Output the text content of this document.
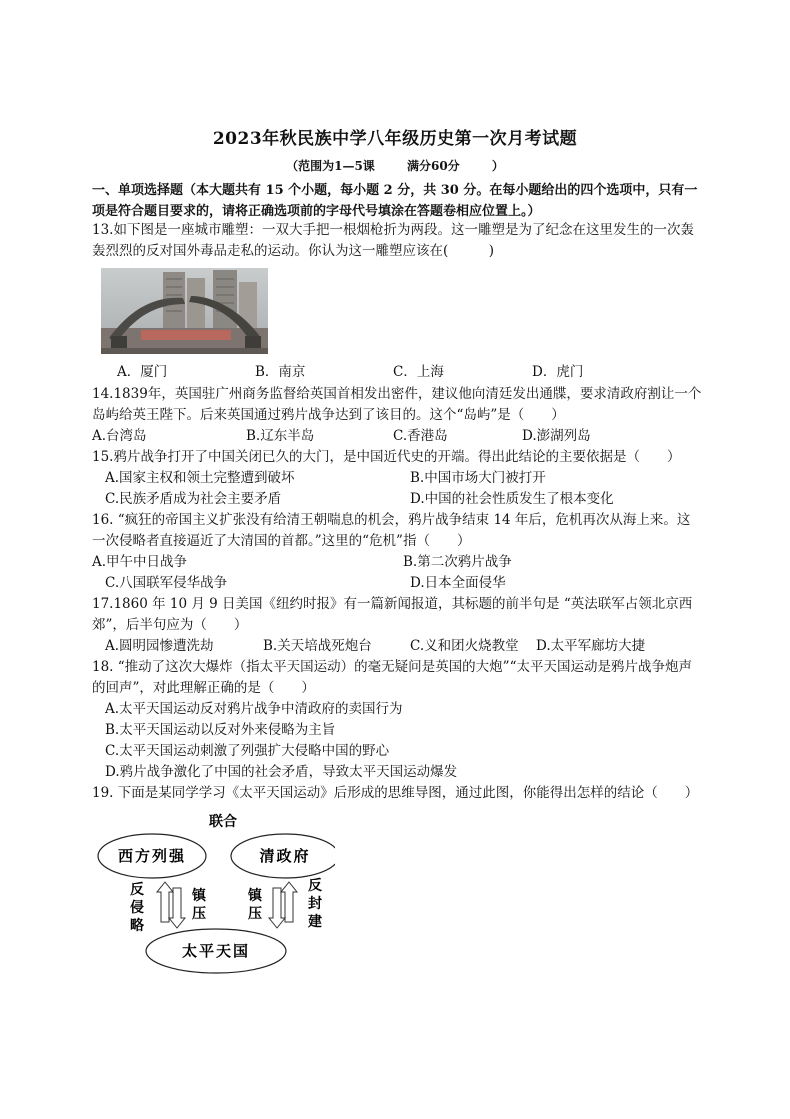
2023年秋民族中学八年级历史第一次月考试题
（范围为1—5课	满分60分	）
一、单项选择题（本大题共有 15 个小题，每小题 2 分，共 30 分。在每小题给出的四个选项中，只有一项是符合题目要求的，请将正确选项前的字母代号填涂在答题卷相应位置上。）
13.如下图是一座城市雕塑：一双大手把一根烟枪折为两段。这一雕塑是为了纪念在这里发生的一次轰轰烈烈的反对国外毒品走私的运动。你认为这一雕塑应该在(　　　)
A．厦门	B．南京	C．上海	D．虎门
14.1839年，英国驻广州商务监督给英国首相发出密件，建议他向清廷发出通牒，要求清政府割让一个岛屿给英王陛下。后来英国通过鸦片战争达到了该目的。这个“岛屿”是（　　）
A.台湾岛	B.辽东半岛	C.香港岛	D.澎湖列岛
15.鸦片战争打开了中国关闭已久的大门，是中国近代史的开端。得出此结论的主要依据是（　　）
A.国家主权和领土完整遭到破坏	B.中国市场大门被打开
C.民族矛盾成为社会主要矛盾	D.中国的社会性质发生了根本变化
16. “疯狂的帝国主义扩张没有给清王朝喘息的机会，鸦片战争结束 14 年后，危机再次从海上来。这一次侵略者直接逼近了大清国的首都。”这里的“危机”指（　　）
A.甲午中日战争	B.第二次鸦片战争
C.八国联军侵华战争	D.日本全面侵华
17.1860 年 10 月 9 日美国《纽约时报》有一篇新闻报道，其标题的前半句是 “英法联军占领北京西郊”，后半句应为（　　）
A.圆明园惨遭洗劫	B.关天培战死炮台	C.义和团火烧教堂 D.太平军廊坊大捷
18. “推动了这次大爆炸（指太平天国运动）的毫无疑问是英国的大炮”“太平天国运动是鸦片战争炮声的回声”，对此理解正确的是（　　）
A.太平天国运动反对鸦片战争中清政府的卖国行为
B.太平天国运动以反对外来侵略为主旨
C.太平天国运动刺激了列强扩大侵略中国的野心
D.鸦片战争激化了中国的社会矛盾，导致太平天国运动爆发
19. 下面是某同学学习《太平天国运动》后形成的思维导图，通过此图，你能得出怎样的结论（　　）
联合
西方列强	清政府
太平天国
反
侵
略
镇
压
镇
压
反
封
建
